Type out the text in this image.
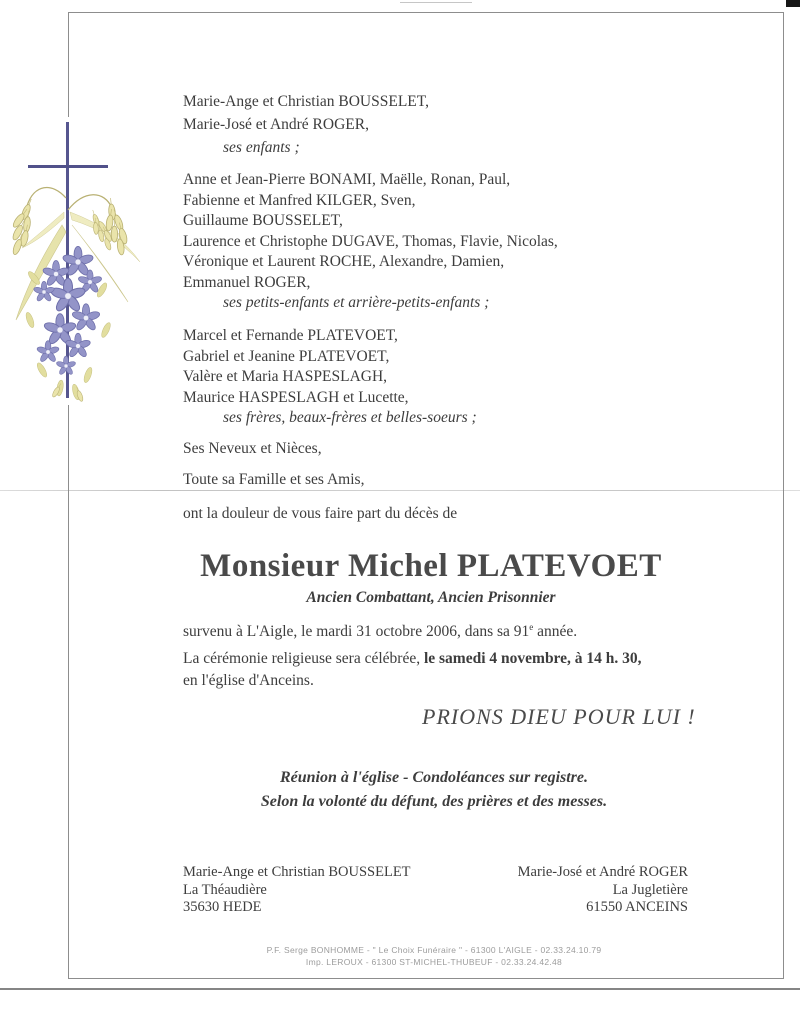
Marie-Ange et Christian BOUSSELET,
Marie-José et André ROGER,
ses enfants ;
Anne et Jean-Pierre BONAMI, Maëlle, Ronan, Paul,
Fabienne et Manfred KILGER, Sven,
Guillaume BOUSSELET,
Laurence et Christophe DUGAVE, Thomas, Flavie, Nicolas,
Véronique et Laurent ROCHE, Alexandre, Damien,
Emmanuel ROGER,
ses petits-enfants et arrière-petits-enfants ;
Marcel et Fernande PLATEVOET,
Gabriel et Jeanine PLATEVOET,
Valère et Maria HASPESLAGH,
Maurice HASPESLAGH et Lucette,
ses frères, beaux-frères et belles-soeurs ;
Ses Neveux et Nièces,
Toute sa Famille et ses Amis,
ont la douleur de vous faire part du décès de
Monsieur Michel PLATEVOET
Ancien Combattant, Ancien Prisonnier
survenu à L'Aigle, le mardi 31 octobre 2006, dans sa 91e année.
La cérémonie religieuse sera célébrée, le samedi 4 novembre, à 14 h. 30,
en l'église d'Anceins.
PRIONS DIEU POUR LUI !
Réunion à l'église - Condoléances sur registre.
Selon la volonté du défunt, des prières et des messes.
Marie-Ange et Christian BOUSSELET
La Théaudière
35630 HEDE
Marie-José et André ROGER
La Jugletière
61550 ANCEINS
P.F. Serge BONHOMME - " Le Choix Funéraire " - 61300 L'AIGLE - 02.33.24.10.79
Imp. LEROUX - 61300 ST-MICHEL-THUBEUF - 02.33.24.42.48
